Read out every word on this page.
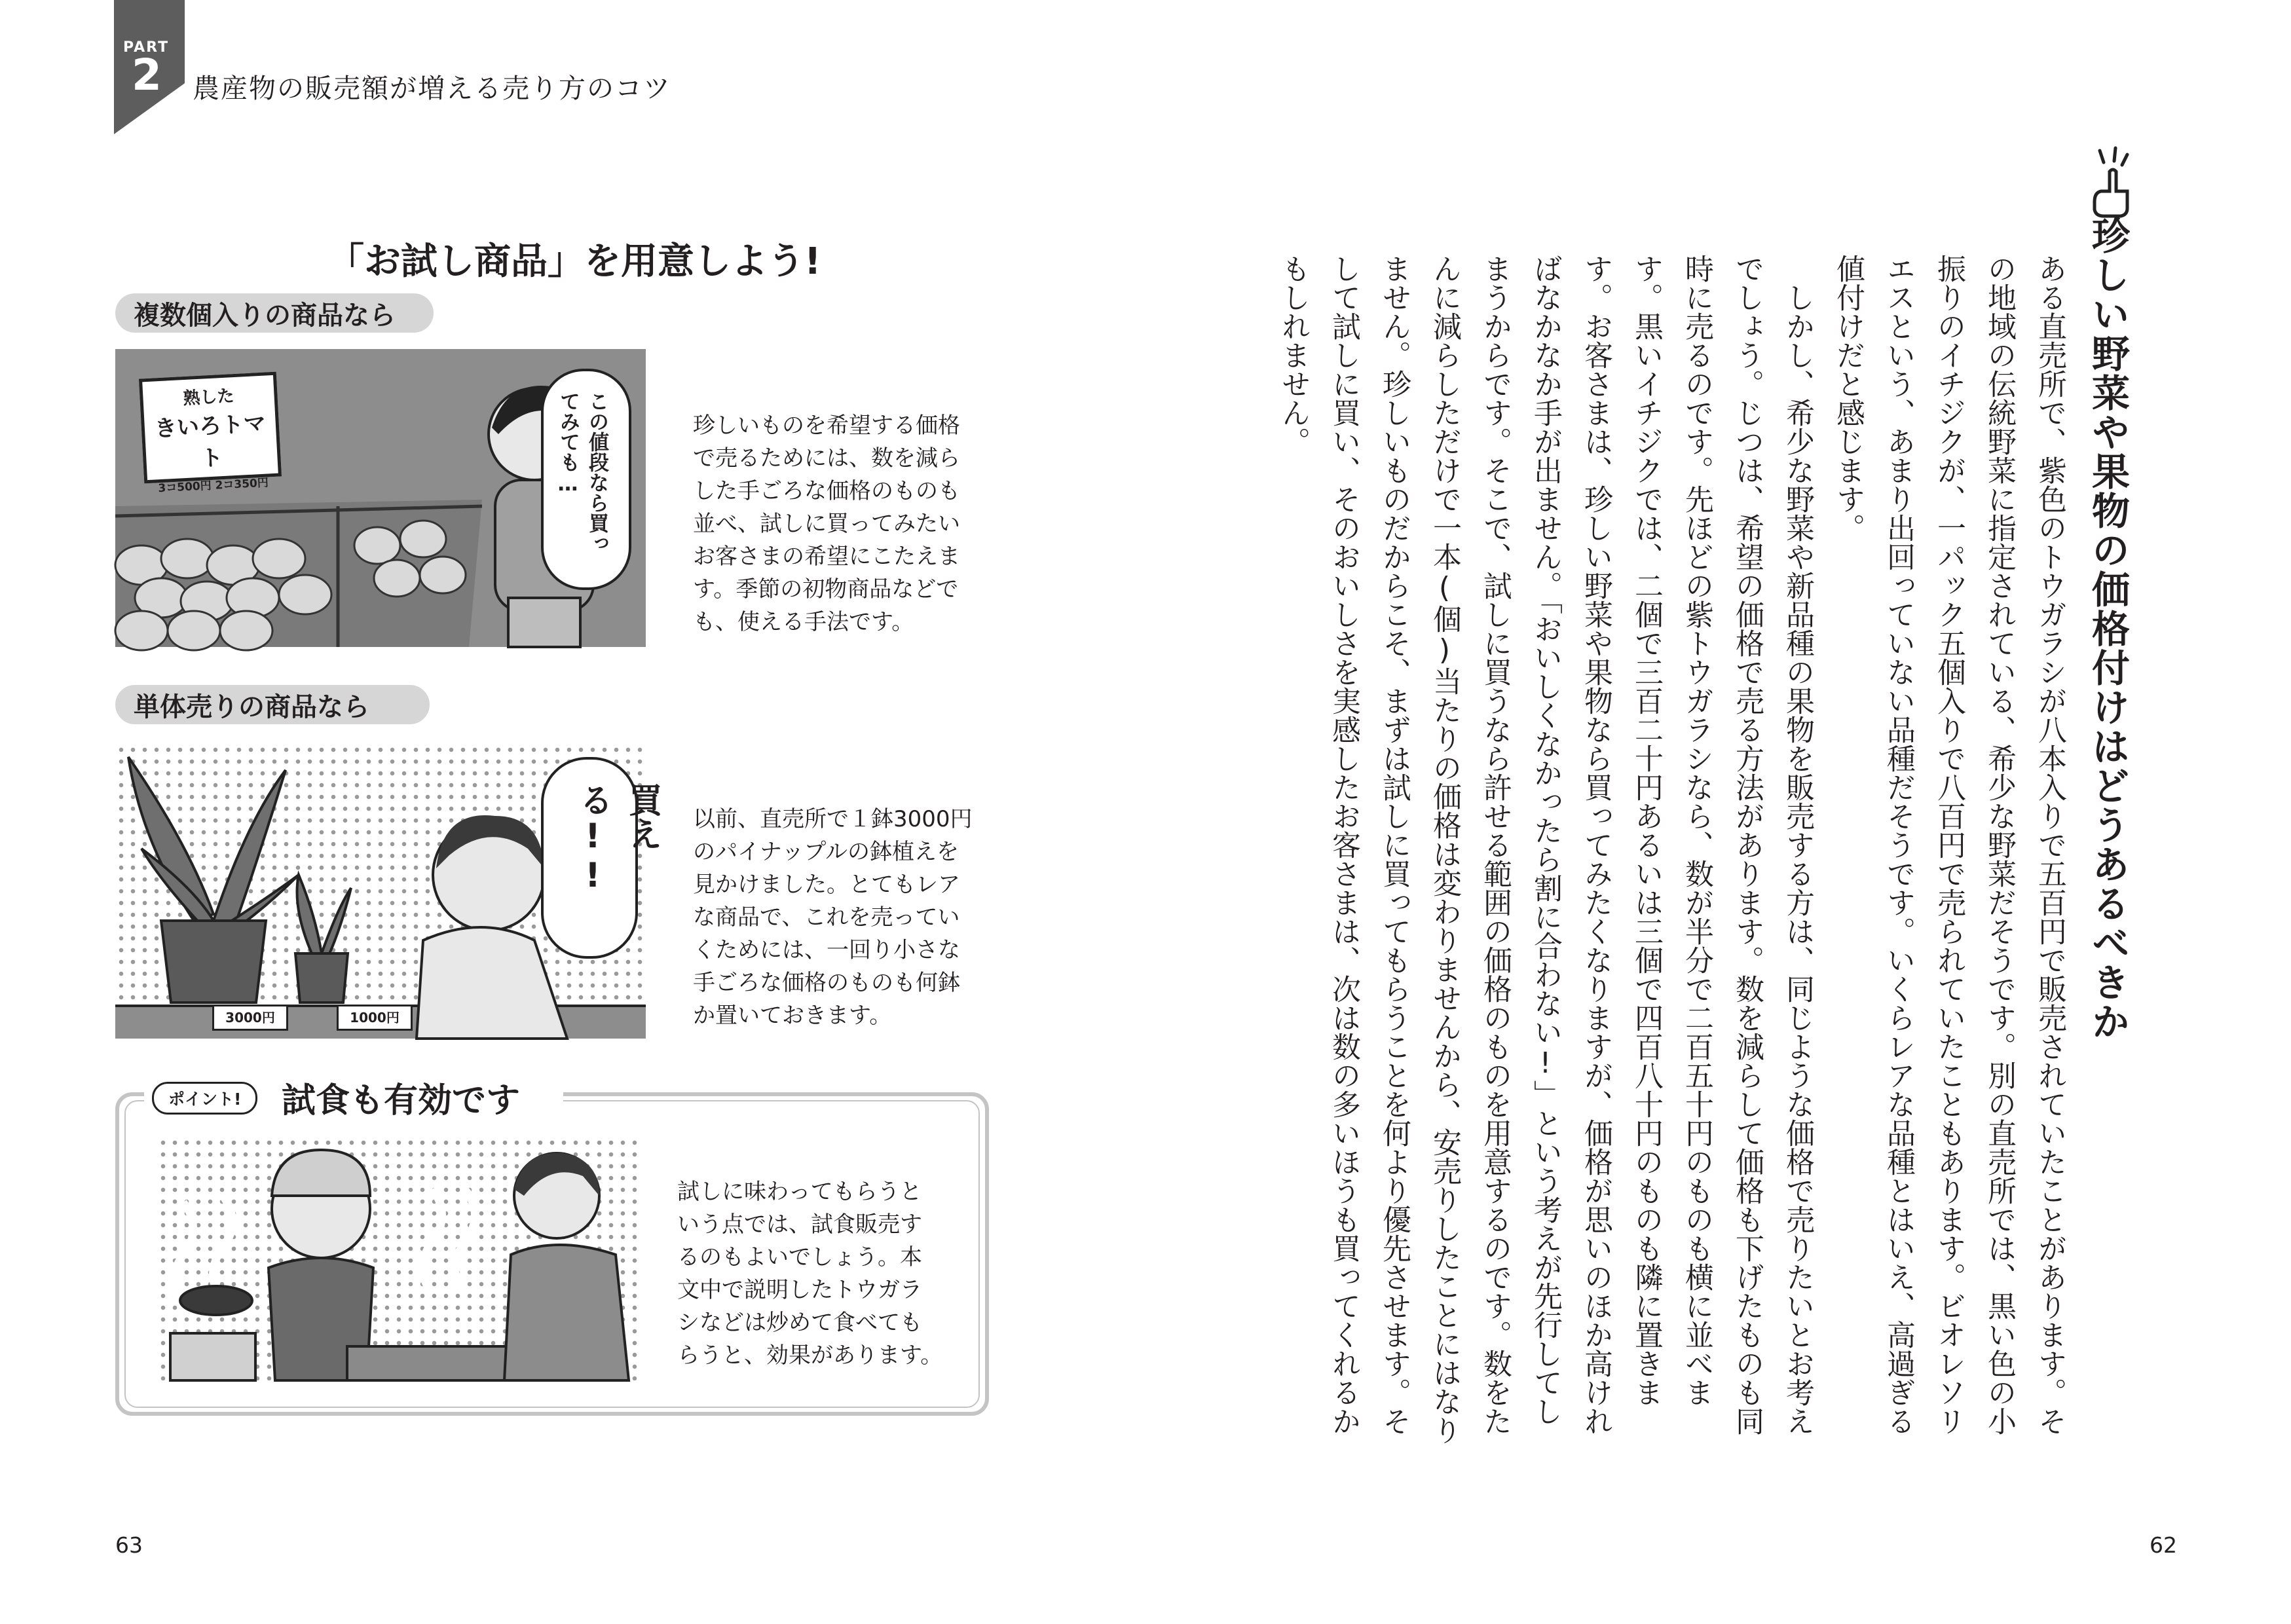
PART
2 農産物の販売額が増える売り方のコツ
「お試し商品」を用意しよう!
複数個入りの商品なら
熟した
きいろトマト
3コ500円 2コ350円	この値段なら買ってみても…	珍しいものを希望する価格
で売るためには、数を減ら
した手ごろな価格のものも
並べ、試しに買ってみたい
お客さまの希望にこたえま
す。季節の初物商品などで
も、使える手法です。
単体売りの商品なら
3000円	1000円
買える!!	以前、直売所で１鉢3000円
のパイナップルの鉢植えを
見かけました。とてもレア
な商品で、これを売ってい
くためには、一回り小さな
手ごろな価格のものも何鉢
か置いておきます。
ポイント!	試食も有効です
試しに味わってもらうと
いう点では、試食販売す
るのもよいでしょう。本
文中で説明したトウガラ
シなどは炒めて食べても
らうと、効果があります。
63
珍しい野菜や果物の価格付けはどうあるべきか

ある直売所で、紫色のトウガラシが八本入りで五百円で販売されていたことがあります。その地域の伝統野菜に指定されている、希少な野菜だそうです。別の直売所では、黒い色の小振りのイチジクが、一パック五個入りで八百円で売られていたこともあります。ビオレソリエスという、あまり出回っていない品種だそうです。いくらレアな品種とはいえ、高過ぎる値付けだと感じます。

しかし、希少な野菜や新品種の果物を販売する方は、同じような価格で売りたいとお考えでしょう。じつは、希望の価格で売る方法があります。数を減らして価格も下げたものも同時に売るのです。先ほどの紫トウガラシなら、数が半分で二百五十円のものも横に並べます。黒いイチジクでは、二個で三百二十円あるいは三個で四百八十円のものも隣に置きます。お客さまは、珍しい野菜や果物なら買ってみたくなりますが、価格が思いのほか高ければなかなか手が出ません。「おいしくなかったら割に合わない!」という考えが先行してしまうからです。そこで、試しに買うなら許せる範囲の価格のものを用意するのです。数をたんに減らしただけで一本(個)当たりの価格は変わりませんから、安売りしたことにはなりません。珍しいものだからこそ、まずは試しに買ってもらうことを何より優先させます。そして試しに買い、そのおいしさを実感したお客さまは、次は数の多いほうも買ってくれるかもしれません。

62
